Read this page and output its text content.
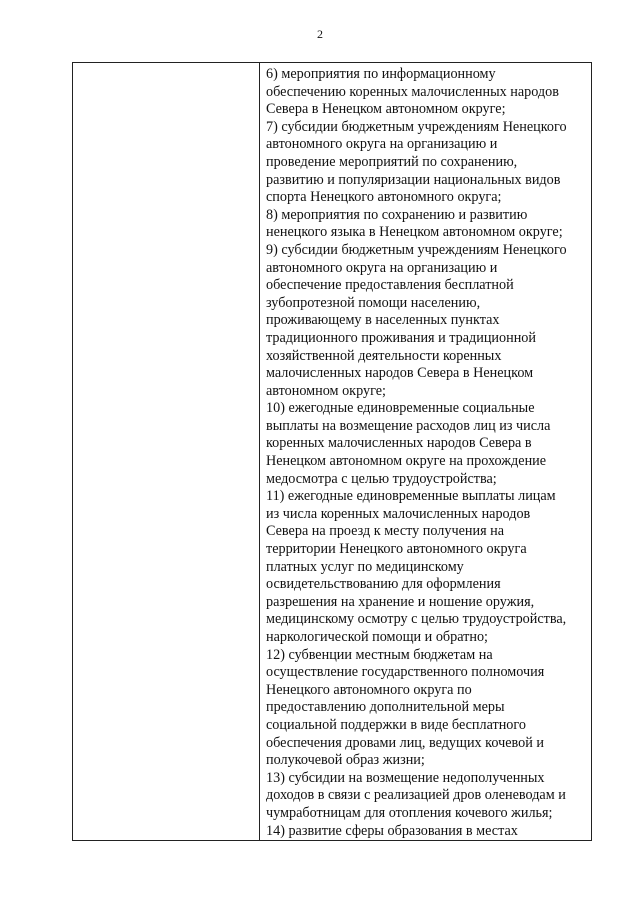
2

6) мероприятия по информационному

обеспечению коренных малочисленных народов

Севера в Ненецком автономном округе;

7) субсидии бюджетным учреждениям Ненецкого

автономного округа на организацию и

проведение мероприятий по сохранению,

развитию и популяризации национальных видов

спорта Ненецкого автономного округа;

8) мероприятия по сохранению и развитию

ненецкого языка в Ненецком автономном округе;

9) субсидии бюджетным учреждениям Ненецкого

автономного округа на организацию и

обеспечение предоставления бесплатной

зубопротезной помощи населению,

проживающему в населенных пунктах

традиционного проживания и традиционной

хозяйственной деятельности коренных

малочисленных народов Севера в Ненецком

автономном округе;

10) ежегодные единовременные социальные

выплаты на возмещение расходов лиц из числа

коренных малочисленных народов Севера в

Ненецком автономном округе на прохождение

медосмотра с целью трудоустройства;

11) ежегодные единовременные выплаты лицам

из числа коренных малочисленных народов

Севера на проезд к месту получения на

территории Ненецкого автономного округа

платных услуг по медицинскому

освидетельствованию для оформления

разрешения на хранение и ношение оружия,

медицинскому осмотру с целью трудоустройства,

наркологической помощи и обратно;

12) субвенции местным бюджетам на

осуществление государственного полномочия

Ненецкого автономного округа по

предоставлению дополнительной меры

социальной поддержки в виде бесплатного

обеспечения дровами лиц, ведущих кочевой и

полукочевой образ жизни;

13) субсидии на возмещение недополученных

доходов в связи с реализацией дров оленеводам и

чумработницам для отопления кочевого жилья;

14) развитие сферы образования в местах
